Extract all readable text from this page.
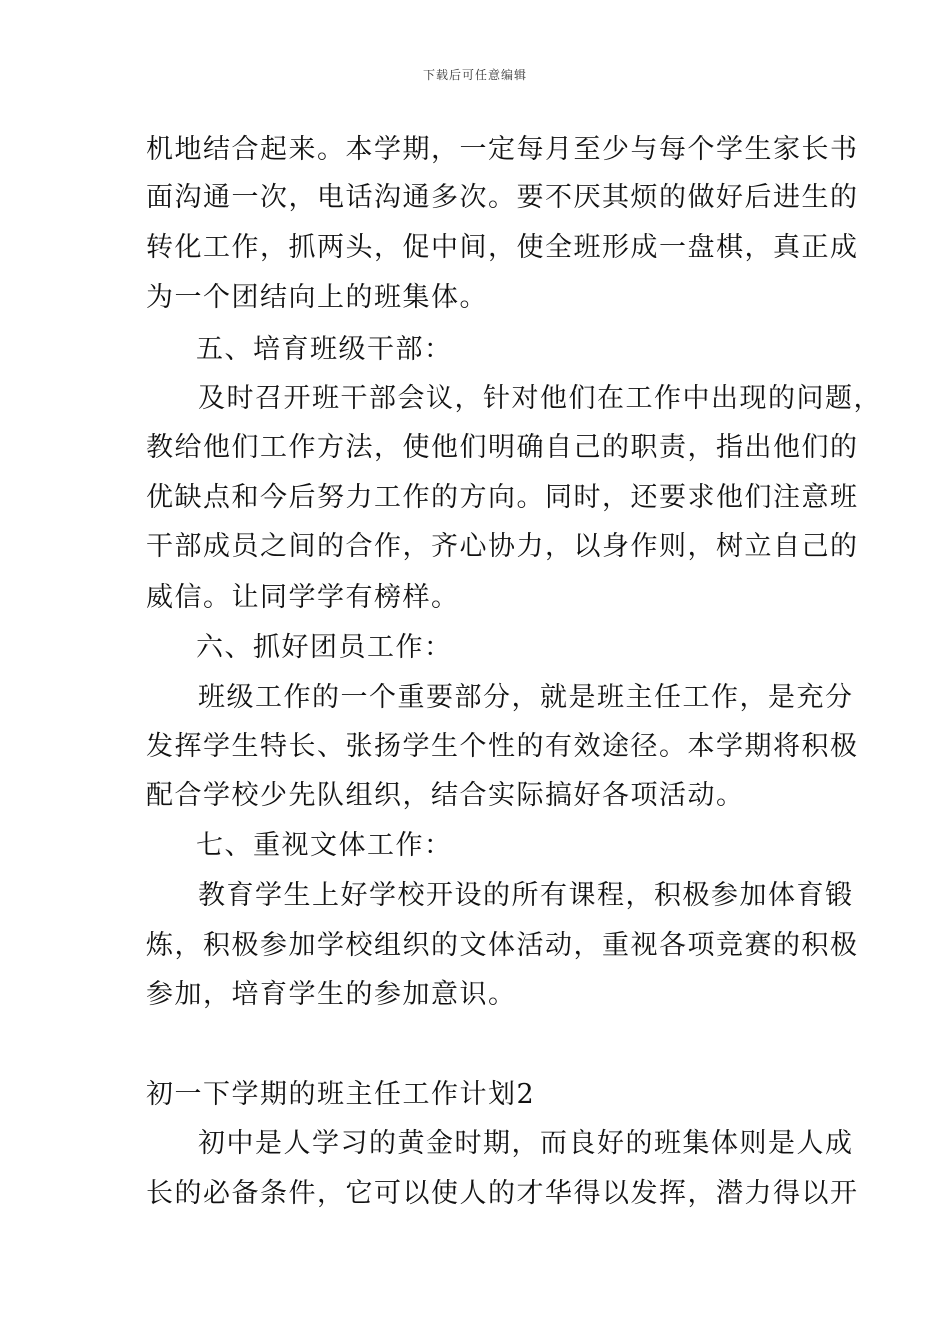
下载后可任意编辑
机地结合起来。本学期，一定每月至少与每个学生家长书
面沟通一次，电话沟通多次。要不厌其烦的做好后进生的
转化工作，抓两头，促中间，使全班形成一盘棋，真正成
为一个团结向上的班集体。
五、培育班级干部：
及时召开班干部会议，针对他们在工作中出现的问题，
教给他们工作方法，使他们明确自己的职责，指出他们的
优缺点和今后努力工作的方向。同时，还要求他们注意班
干部成员之间的合作，齐心协力，以身作则，树立自己的
威信。让同学学有榜样。
六、抓好团员工作：
班级工作的一个重要部分，就是班主任工作，是充分
发挥学生特长、张扬学生个性的有效途径。本学期将积极
配合学校少先队组织，结合实际搞好各项活动。
七、重视文体工作：
教育学生上好学校开设的所有课程，积极参加体育锻
炼，积极参加学校组织的文体活动，重视各项竞赛的积极
参加，培育学生的参加意识。
初一下学期的班主任工作计划2
初中是人学习的黄金时期，而良好的班集体则是人成
长的必备条件，它可以使人的才华得以发挥，潜力得以开
